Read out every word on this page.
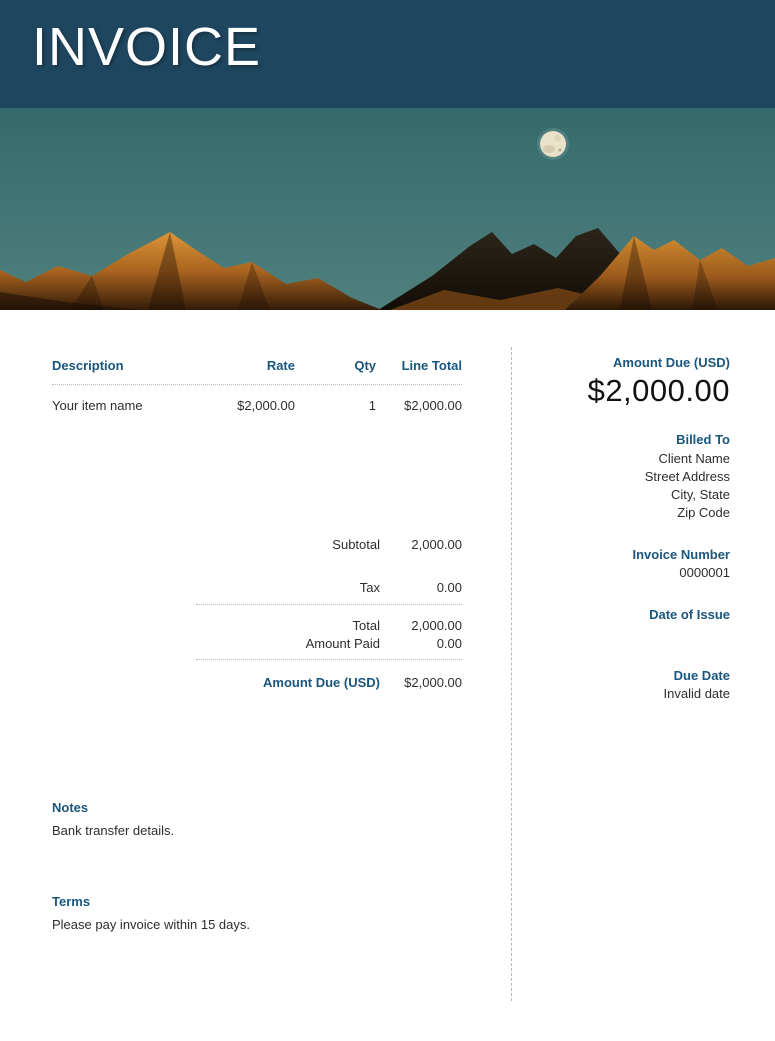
INVOICE
Description	Rate	Qty	Line Total
Your item name	$2,000.00	1	$2,000.00
Subtotal	2,000.00
Tax	0.00
Total	2,000.00
Amount Paid	0.00
Amount Due (USD)	$2,000.00
Notes
Bank transfer details.
Terms
Please pay invoice within 15 days.
Amount Due (USD)
$2,000.00
Billed To
Client Name
Street Address
City, State
Zip Code
Invoice Number
0000001
Date of Issue
Due Date
Invalid date
